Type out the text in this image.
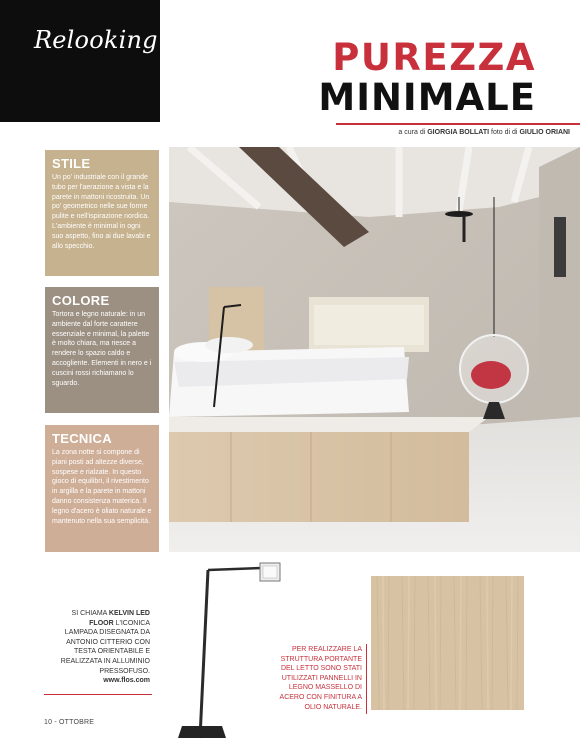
Relooking	PUREZZA
MINIMALE
a cura di GIORGIA BOLLATI foto di di GIULIO ORIANI
STILE

Un po' industriale con il grande tubo per l'aerazione a vista e la parete in mattoni ricostruita. Un po' geometrico nelle sue forme pulite e nell'ispirazione nordica. L'ambiente è minimal in ogni suo aspetto, fino ai due lavabi e allo specchio.

COLORE

Tortora e legno naturale: in un ambiente dal forte carattere essenziale e minimal, la palette è molto chiara, ma riesce a rendere lo spazio caldo e accogliente. Elementi in nero e i cuscini rossi richiamano lo sguardo.

TECNICA

La zona notte si compone di piani posti ad altezze diverse, sospese e rialzate. In questo gioco di equilibri, il rivestimento in argilla e la parete in mattoni danno consistenza materica. Il legno d'acero è oliato naturale e mantenuto nella sua semplicità.

SI CHIAMA KELVIN LED FLOOR L'ICONICA LAMPADA DISEGNATA DA ANTONIO CITTERIO CON TESTA ORIENTABILE E REALIZZATA IN ALLUMINIO PRESSOFUSO.
www.flos.com
10 - OTTOBRE
PER REALIZZARE LA STRUTTURA PORTANTE DEL LETTO SONO STATI UTILIZZATI PANNELLI IN LEGNO MASSELLO DI ACERO CON FINITURA A OLIO NATURALE.
